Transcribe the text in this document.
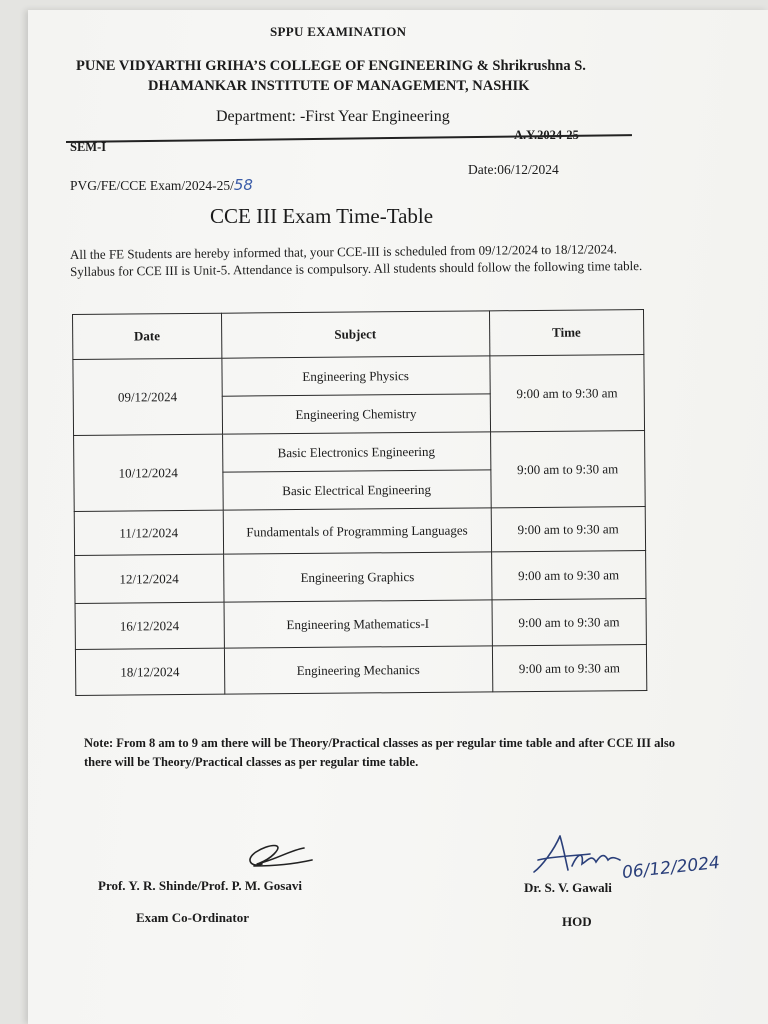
SPPU EXAMINATION
PUNE VIDYARTHI GRIHA’S COLLEGE OF ENGINEERING & Shrikrushna S.
DHAMANKAR INSTITUTE OF MANAGEMENT, NASHIK
Department: -First Year Engineering
A.Y.2024-25
SEM-I
PVG/FE/CCE Exam/2024-25/58
Date:06/12/2024
CCE III Exam Time-Table
All the FE Students are hereby informed that, your CCE-III is scheduled from 09/12/2024 to 18/12/2024. Syllabus for CCE III is Unit-5. Attendance is compulsory. All students should follow the following time table.
Date	Subject	Time
09/12/2024	Engineering Physics	9:00 am to 9:30 am
	Engineering Chemistry	
10/12/2024	Basic Electronics Engineering	9:00 am to 9:30 am
	Basic Electrical Engineering	
11/12/2024	Fundamentals of Programming Languages	9:00 am to 9:30 am
12/12/2024	Engineering Graphics	9:00 am to 9:30 am
16/12/2024	Engineering Mathematics-I	9:00 am to 9:30 am
18/12/2024	Engineering Mechanics	9:00 am to 9:30 am
Note: From 8 am to 9 am there will be Theory/Practical classes as per regular time table and after CCE III also there will be Theory/Practical classes as per regular time table.
Prof. Y. R. Shinde/Prof. P. M. Gosavi
Exam Co-Ordinator
Dr. S. V. Gawali
06/12/2024
HOD
